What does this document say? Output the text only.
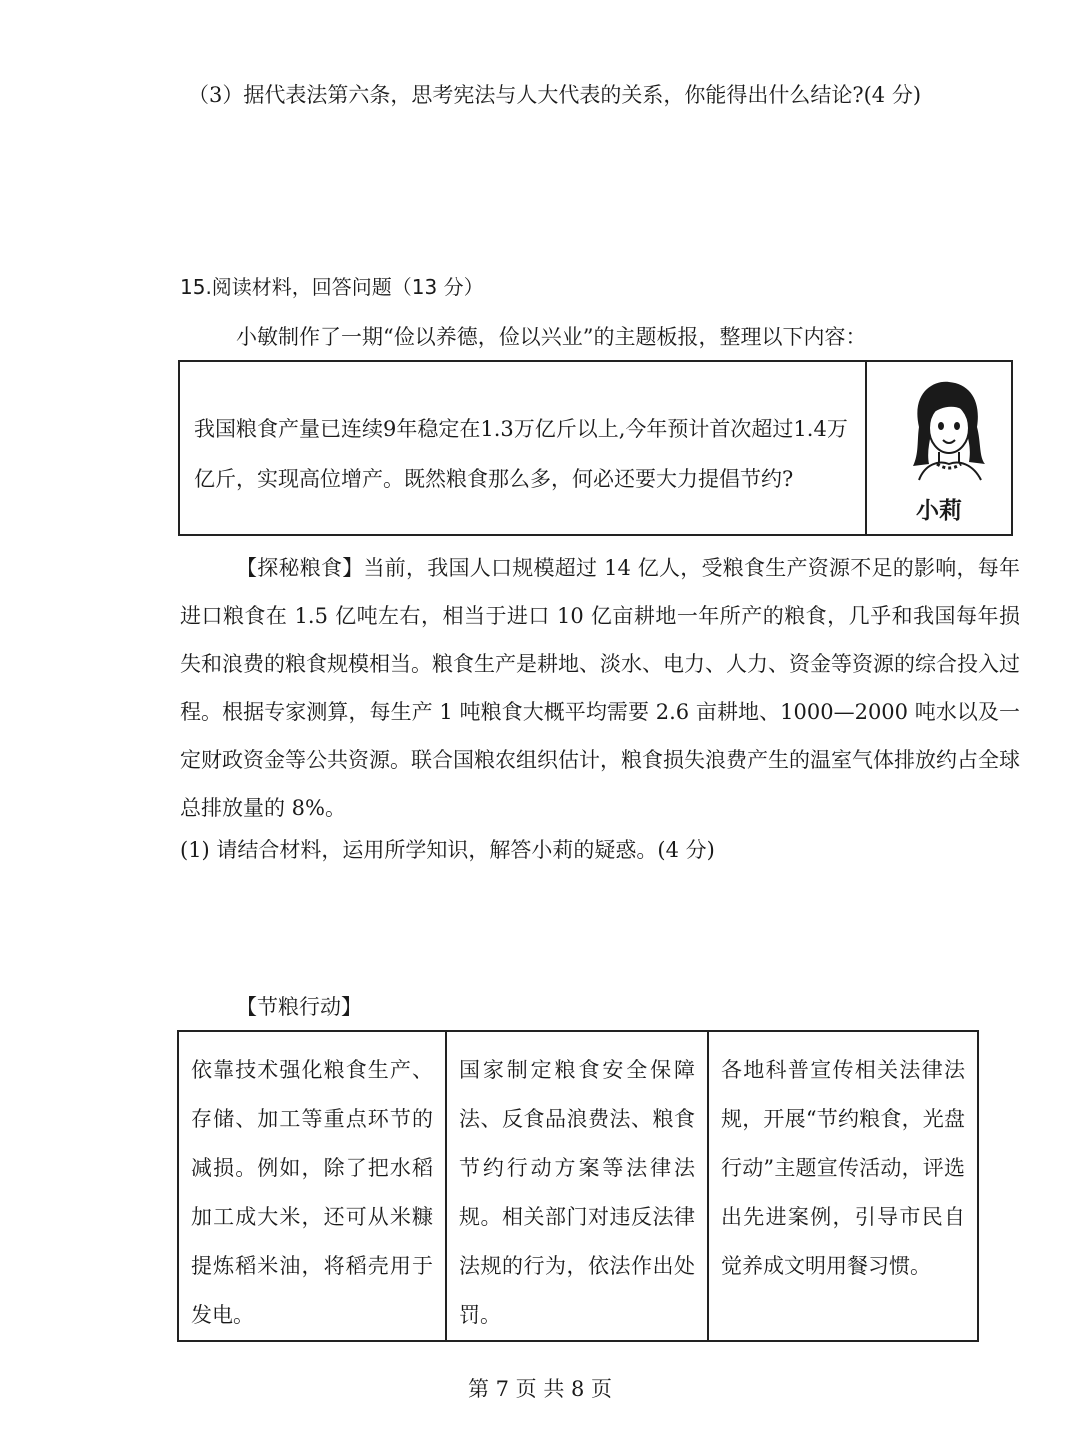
（3）据代表法第六条，思考宪法与人大代表的关系，你能得出什么结论?(4 分)
15.阅读材料，回答问题（13 分）
小敏制作了一期“俭以养德，俭以兴业”的主题板报，整理以下内容：
我国粮食产量已连续9年稳定在1.3万亿斤以上,今年预计首次超过1.4万亿斤，实现高位增产。既然粮食那么多，何必还要大力提倡节约?
小莉
【探秘粮食】当前，我国人口规模超过 14 亿人，受粮食生产资源不足的影响，每年进口粮食在 1.5 亿吨左右，相当于进口 10 亿亩耕地一年所产的粮食，几乎和我国每年损失和浪费的粮食规模相当。粮食生产是耕地、淡水、电力、人力、资金等资源的综合投入过程。根据专家测算，每生产 1 吨粮食大概平均需要 2.6 亩耕地、1000—2000 吨水以及一定财政资金等公共资源。联合国粮农组织估计，粮食损失浪费产生的温室气体排放约占全球总排放量的 8%。
(1) 请结合材料，运用所学知识，解答小莉的疑惑。(4 分)
【节粮行动】
依靠技术强化粮食生产、存储、加工等重点环节的减损。例如，除了把水稻加工成大米，还可从米糠提炼稻米油，将稻壳用于发电。
国家制定粮食安全保障法、反食品浪费法、粮食节约行动方案等法律法规。相关部门对违反法律法规的行为，依法作出处罚。
各地科普宣传相关法律法规，开展“节约粮食，光盘行动”主题宣传活动，评选出先进案例，引导市民自觉养成文明用餐习惯。
第 7 页 共 8 页
